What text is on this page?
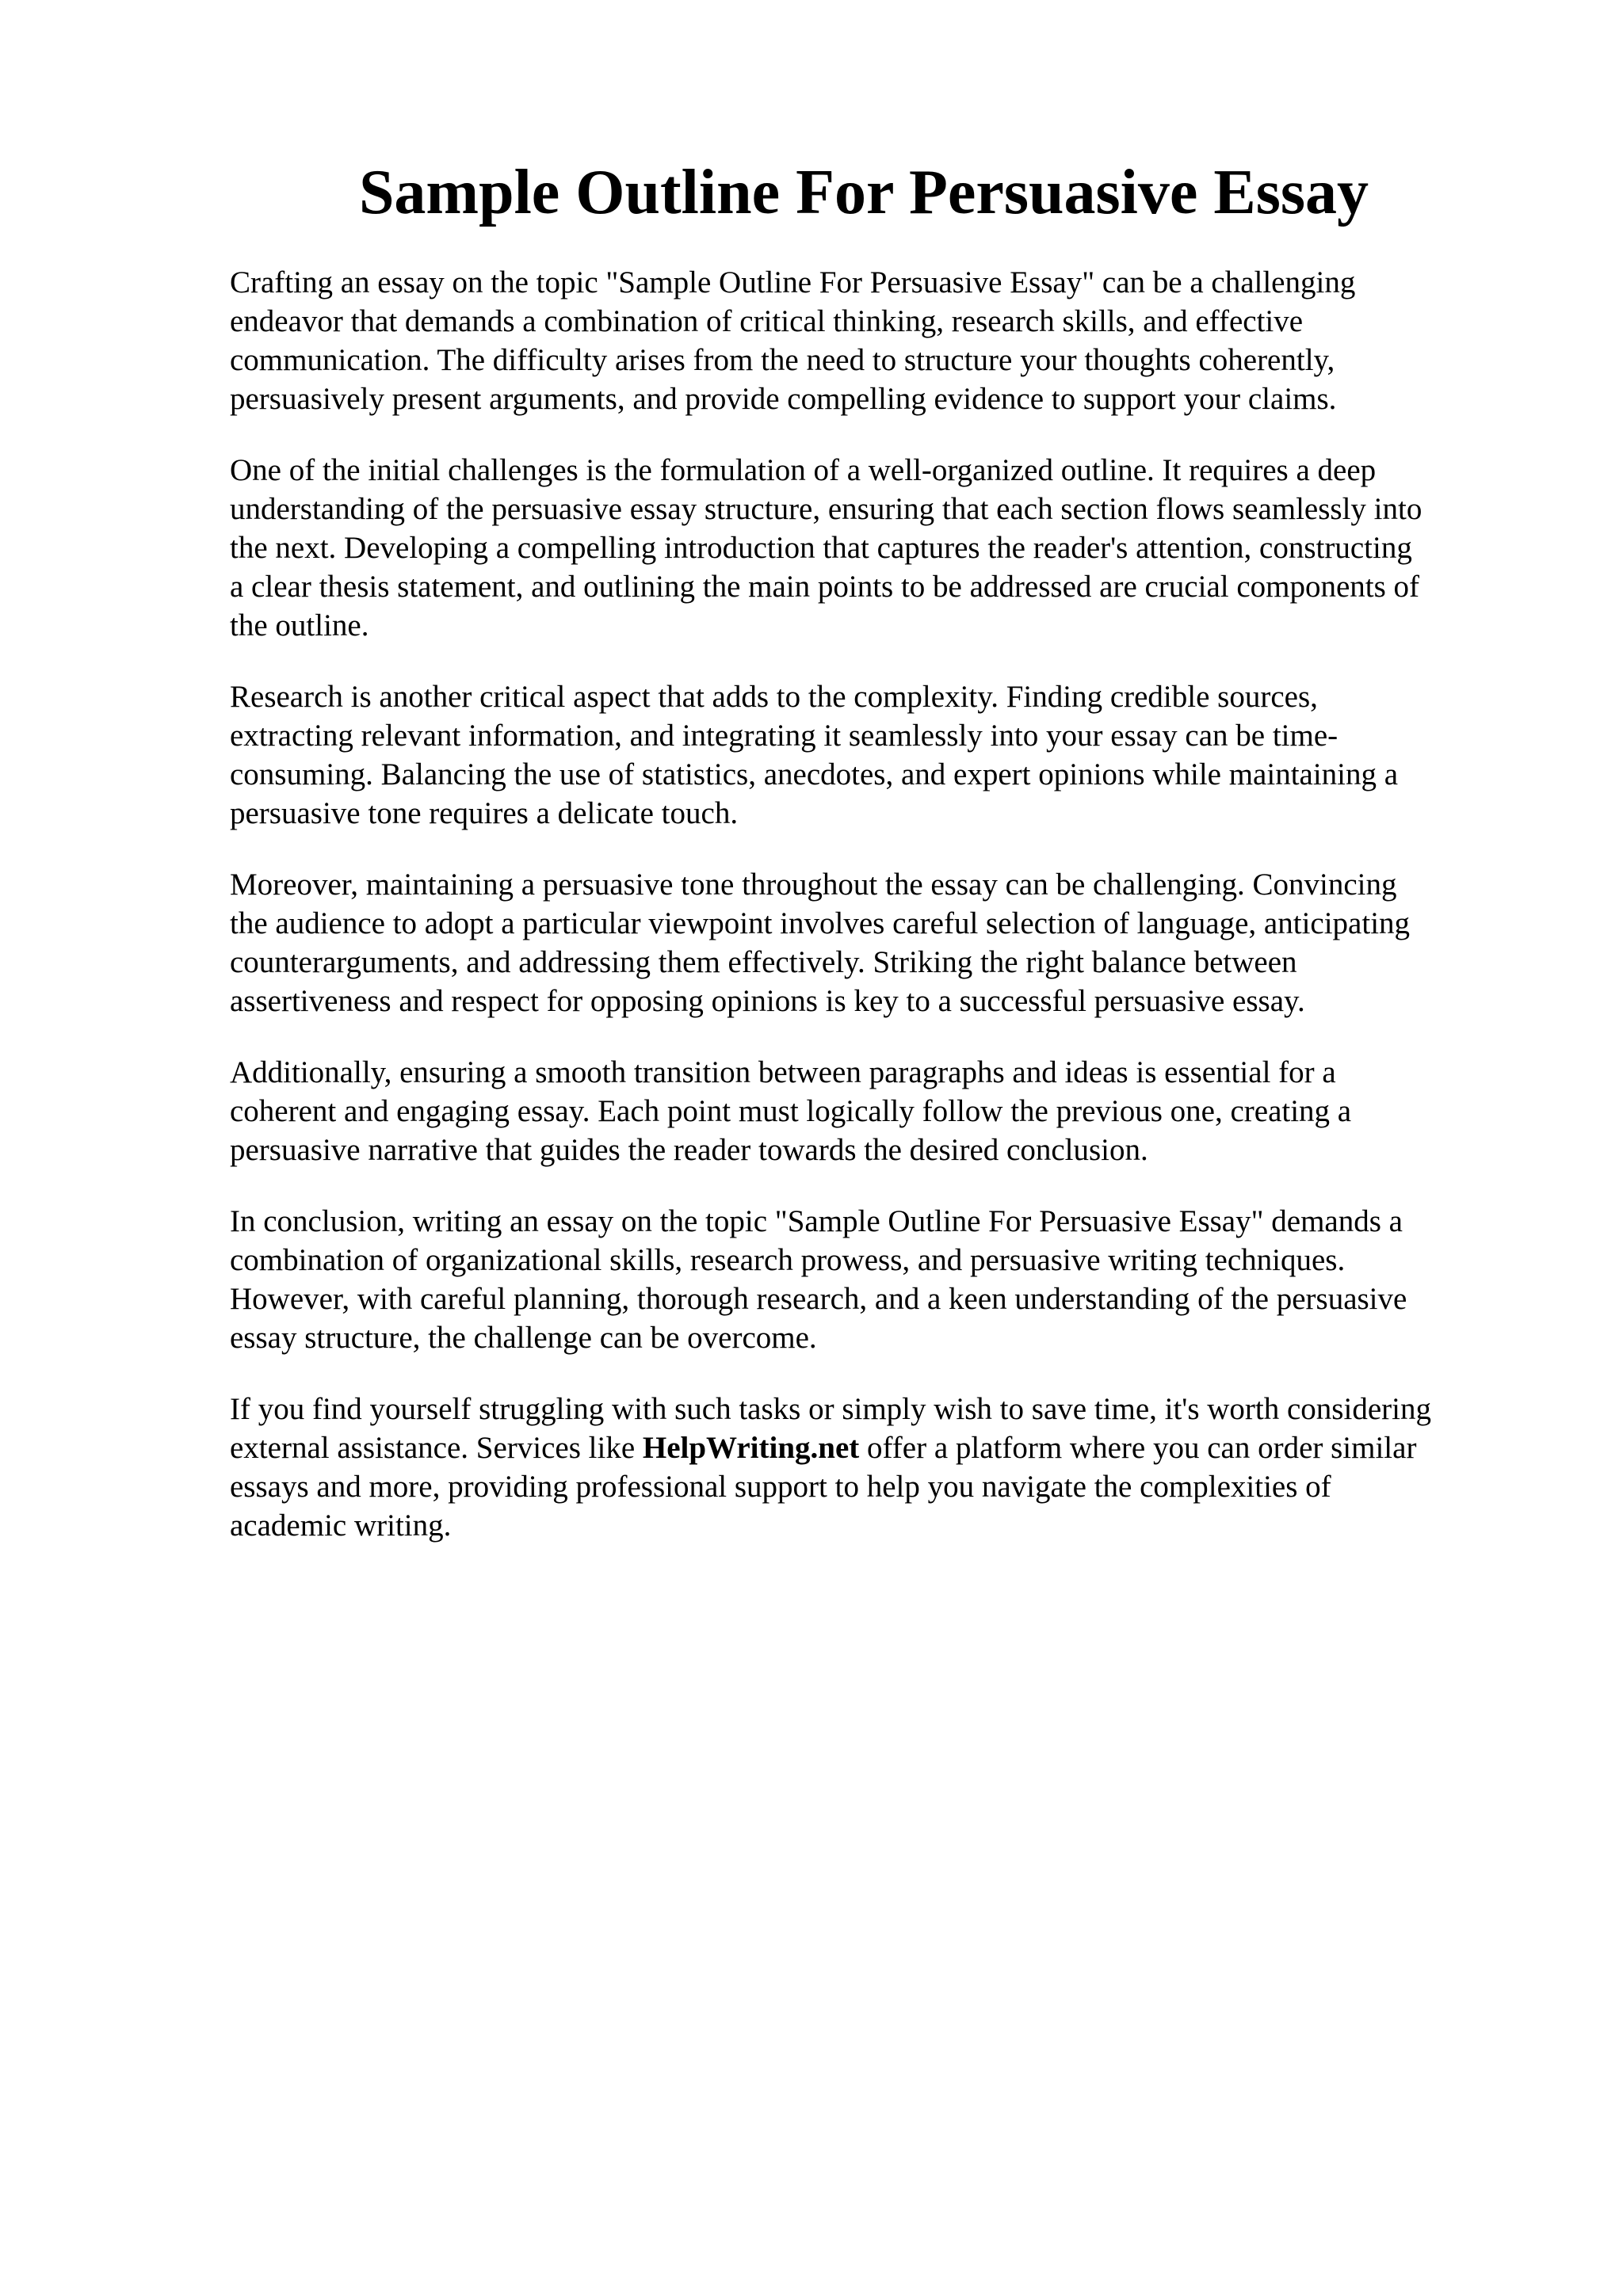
Sample Outline For Persuasive Essay

Crafting an essay on the topic "Sample Outline For Persuasive Essay" can be a challenging
endeavor that demands a combination of critical thinking, research skills, and effective
communication. The difficulty arises from the need to structure your thoughts coherently,
persuasively present arguments, and provide compelling evidence to support your claims.

One of the initial challenges is the formulation of a well-organized outline. It requires a deep
understanding of the persuasive essay structure, ensuring that each section flows seamlessly into
the next. Developing a compelling introduction that captures the reader's attention, constructing
a clear thesis statement, and outlining the main points to be addressed are crucial components of
the outline.

Research is another critical aspect that adds to the complexity. Finding credible sources,
extracting relevant information, and integrating it seamlessly into your essay can be time-
consuming. Balancing the use of statistics, anecdotes, and expert opinions while maintaining a
persuasive tone requires a delicate touch.

Moreover, maintaining a persuasive tone throughout the essay can be challenging. Convincing
the audience to adopt a particular viewpoint involves careful selection of language, anticipating
counterarguments, and addressing them effectively. Striking the right balance between
assertiveness and respect for opposing opinions is key to a successful persuasive essay.

Additionally, ensuring a smooth transition between paragraphs and ideas is essential for a
coherent and engaging essay. Each point must logically follow the previous one, creating a
persuasive narrative that guides the reader towards the desired conclusion.

In conclusion, writing an essay on the topic "Sample Outline For Persuasive Essay" demands a
combination of organizational skills, research prowess, and persuasive writing techniques.
However, with careful planning, thorough research, and a keen understanding of the persuasive
essay structure, the challenge can be overcome.

If you find yourself struggling with such tasks or simply wish to save time, it's worth considering
external assistance. Services like HelpWriting.net offer a platform where you can order similar
essays and more, providing professional support to help you navigate the complexities of
academic writing.
